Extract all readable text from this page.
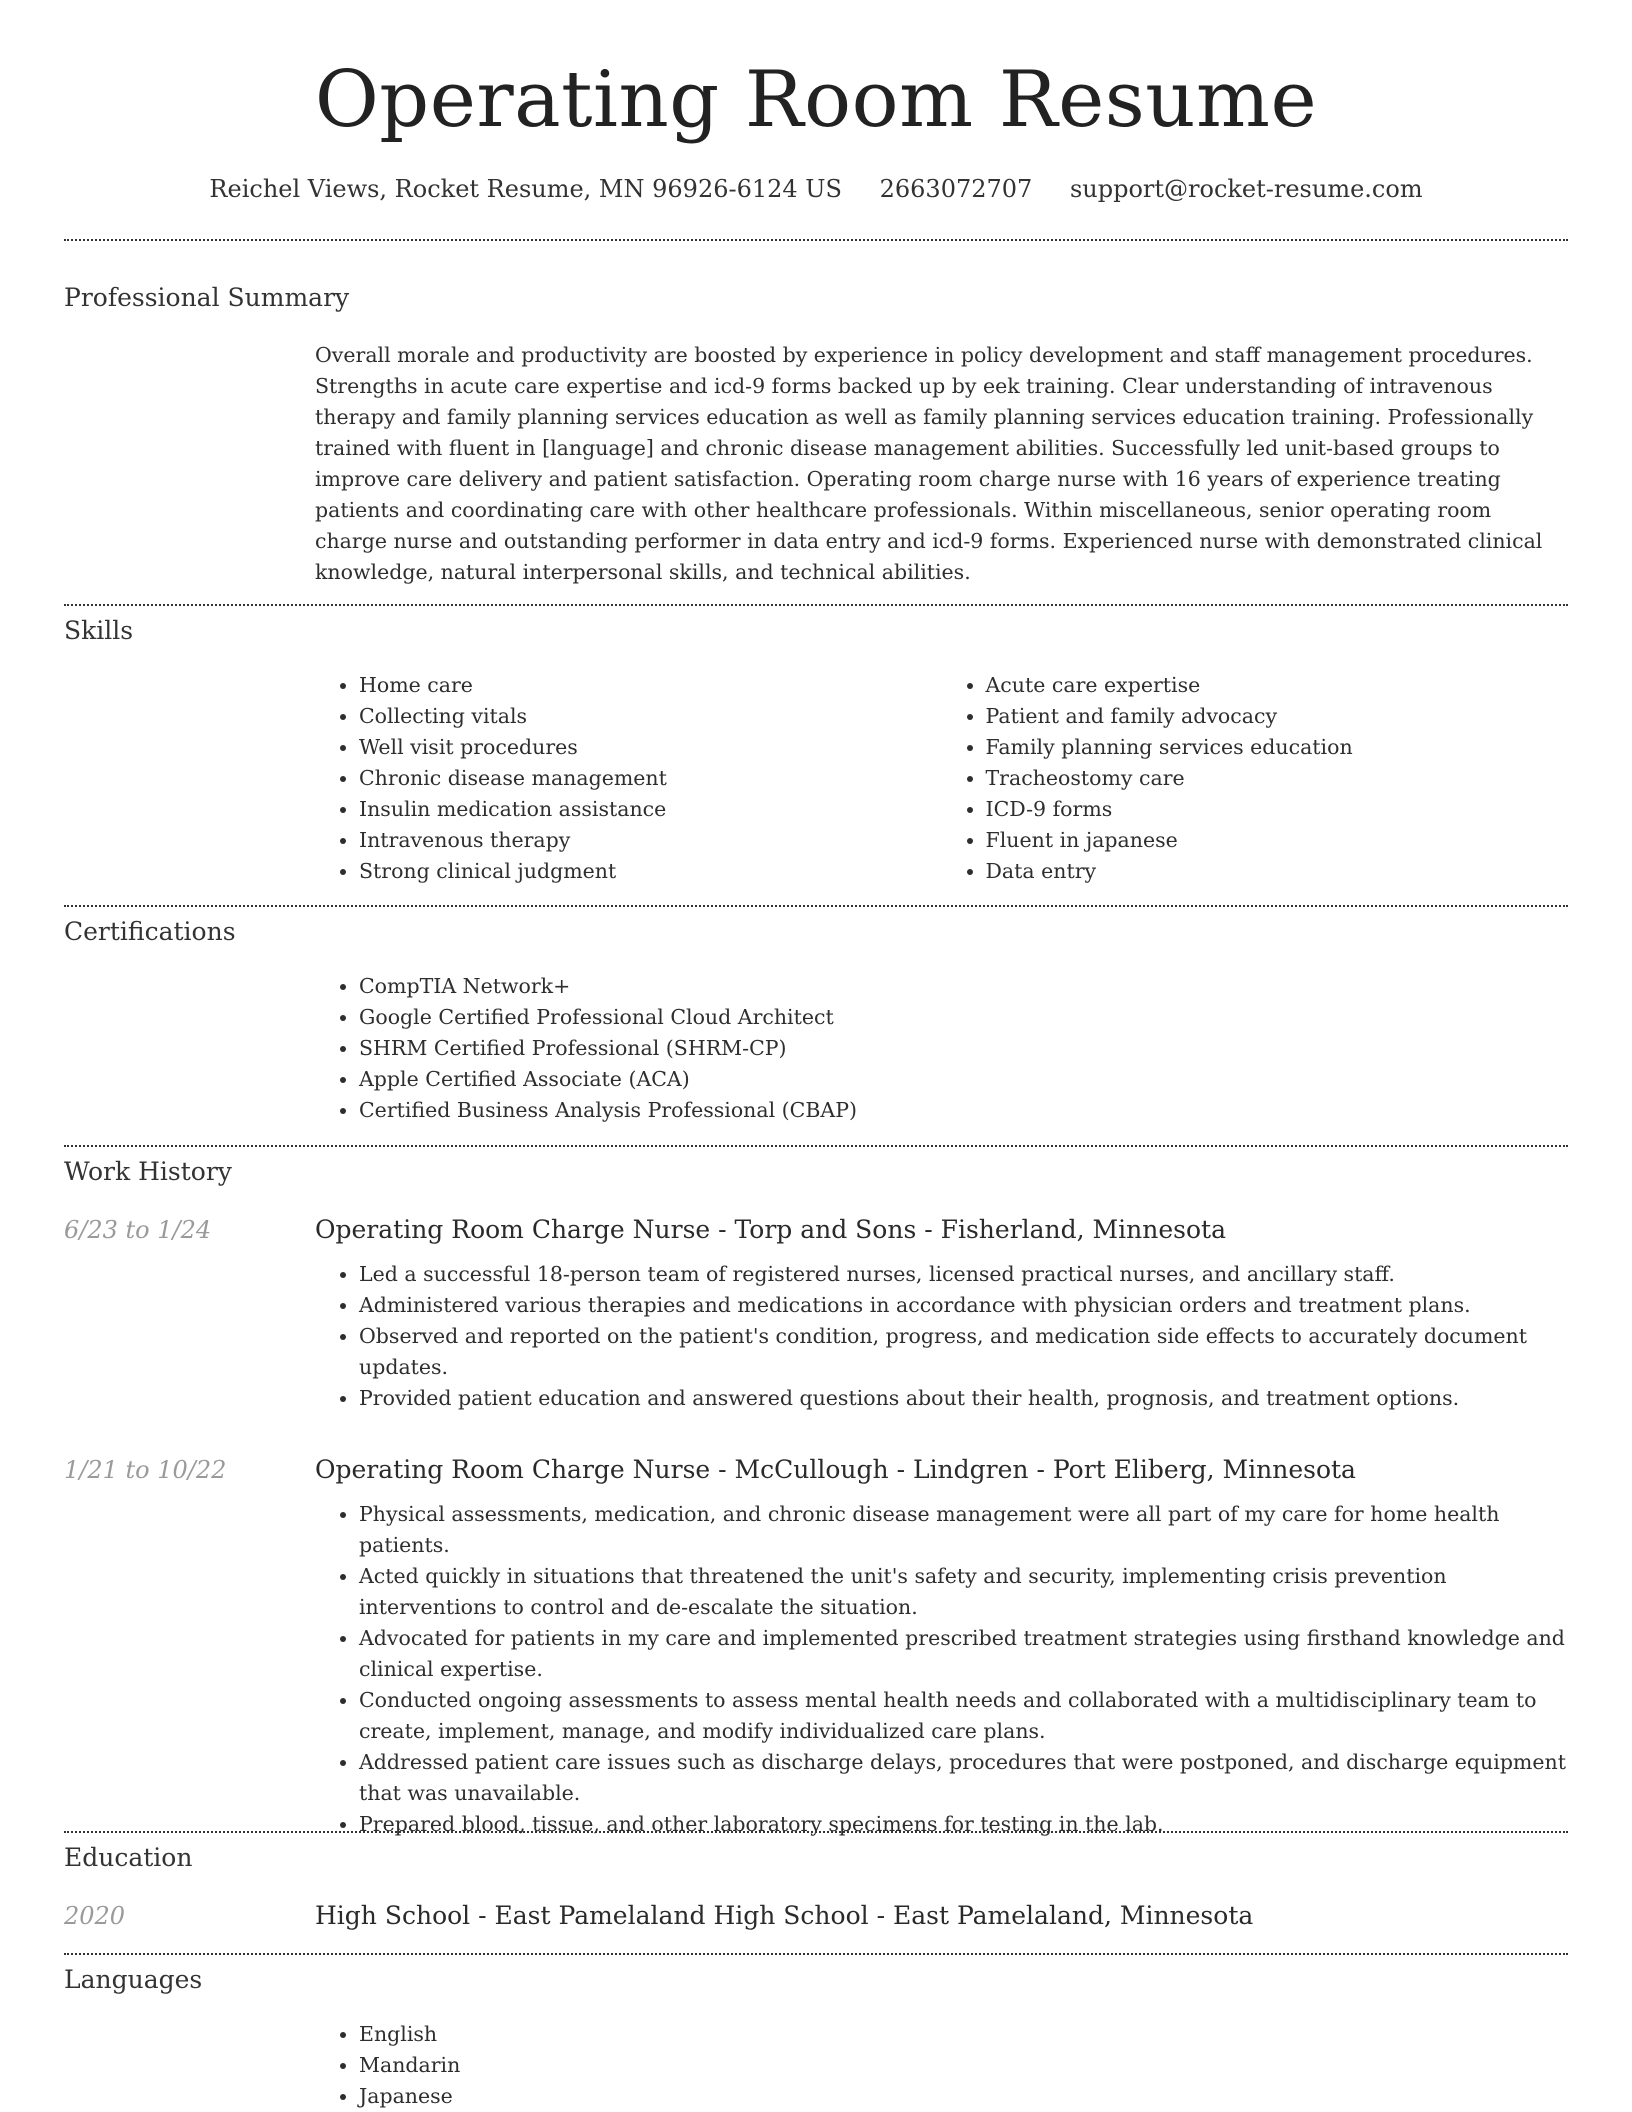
Operating Room Resume
Reichel Views, Rocket Resume, MN 96926-6124 US 2663072707 support@rocket-resume.com
Professional Summary
Overall morale and productivity are boosted by experience in policy development and staff management procedures. Strengths in acute care expertise and icd-9 forms backed up by eek training. Clear understanding of intravenous therapy and family planning services education as well as family planning services education training. Professionally trained with fluent in [language] and chronic disease management abilities. Successfully led unit-based groups to improve care delivery and patient satisfaction. Operating room charge nurse with 16 years of experience treating patients and coordinating care with other healthcare professionals. Within miscellaneous, senior operating room charge nurse and outstanding performer in data entry and icd-9 forms. Experienced nurse with demonstrated clinical knowledge, natural interpersonal skills, and technical abilities.
Skills
• Home care
• Collecting vitals
• Well visit procedures
• Chronic disease management
• Insulin medication assistance
• Intravenous therapy
• Strong clinical judgment
• Acute care expertise
• Patient and family advocacy
• Family planning services education
• Tracheostomy care
• ICD-9 forms
• Fluent in japanese
• Data entry
Certifications
• CompTIA Network+
• Google Certified Professional Cloud Architect
• SHRM Certified Professional (SHRM-CP)
• Apple Certified Associate (ACA)
• Certified Business Analysis Professional (CBAP)
Work History
6/23 to 1/24	Operating Room Charge Nurse - Torp and Sons - Fisherland, Minnesota
• Led a successful 18-person team of registered nurses, licensed practical nurses, and ancillary staff.
• Administered various therapies and medications in accordance with physician orders and treatment plans.
• Observed and reported on the patient's condition, progress, and medication side effects to accurately document updates.
• Provided patient education and answered questions about their health, prognosis, and treatment options.
1/21 to 10/22	Operating Room Charge Nurse - McCullough - Lindgren - Port Eliberg, Minnesota
• Physical assessments, medication, and chronic disease management were all part of my care for home health patients.
• Acted quickly in situations that threatened the unit's safety and security, implementing crisis prevention interventions to control and de-escalate the situation.
• Advocated for patients in my care and implemented prescribed treatment strategies using firsthand knowledge and clinical expertise.
• Conducted ongoing assessments to assess mental health needs and collaborated with a multidisciplinary team to create, implement, manage, and modify individualized care plans.
• Addressed patient care issues such as discharge delays, procedures that were postponed, and discharge equipment that was unavailable.
• Prepared blood, tissue, and other laboratory specimens for testing in the lab.
Education
2020	High School - East Pamelaland High School - East Pamelaland, Minnesota
Languages
• English
• Mandarin
• Japanese
